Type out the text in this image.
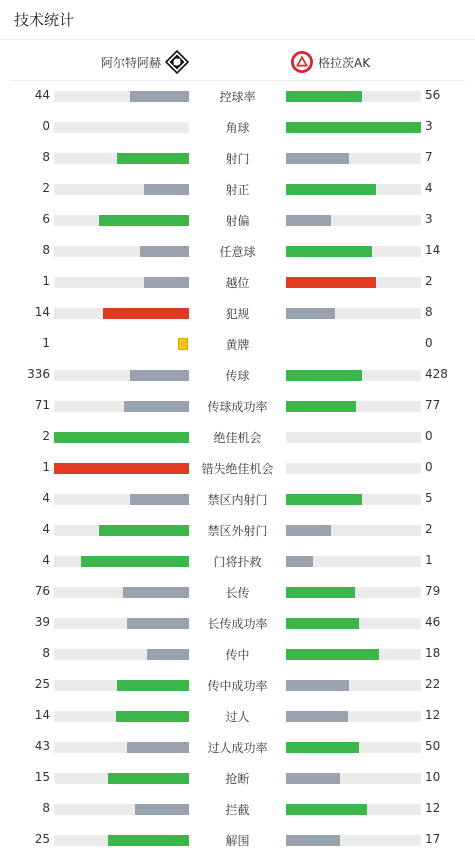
技术统计
阿尔特阿赫	格拉茨AK
44	控球率	56
0	角球	3
8	射门	7
2	射正	4
6	射偏	3
8	任意球	14
1	越位	2
14	犯规	8
1	黄牌	0
336	传球	428
71	传球成功率	77
2	绝佳机会	0
1	错失绝佳机会	0
4	禁区内射门	5
4	禁区外射门	2
4	门将扑救	1
76	长传	79
39	长传成功率	46
8	传中	18
25	传中成功率	22
14	过人	12
43	过人成功率	50
15	抢断	10
8	拦截	12
25	解围	17
